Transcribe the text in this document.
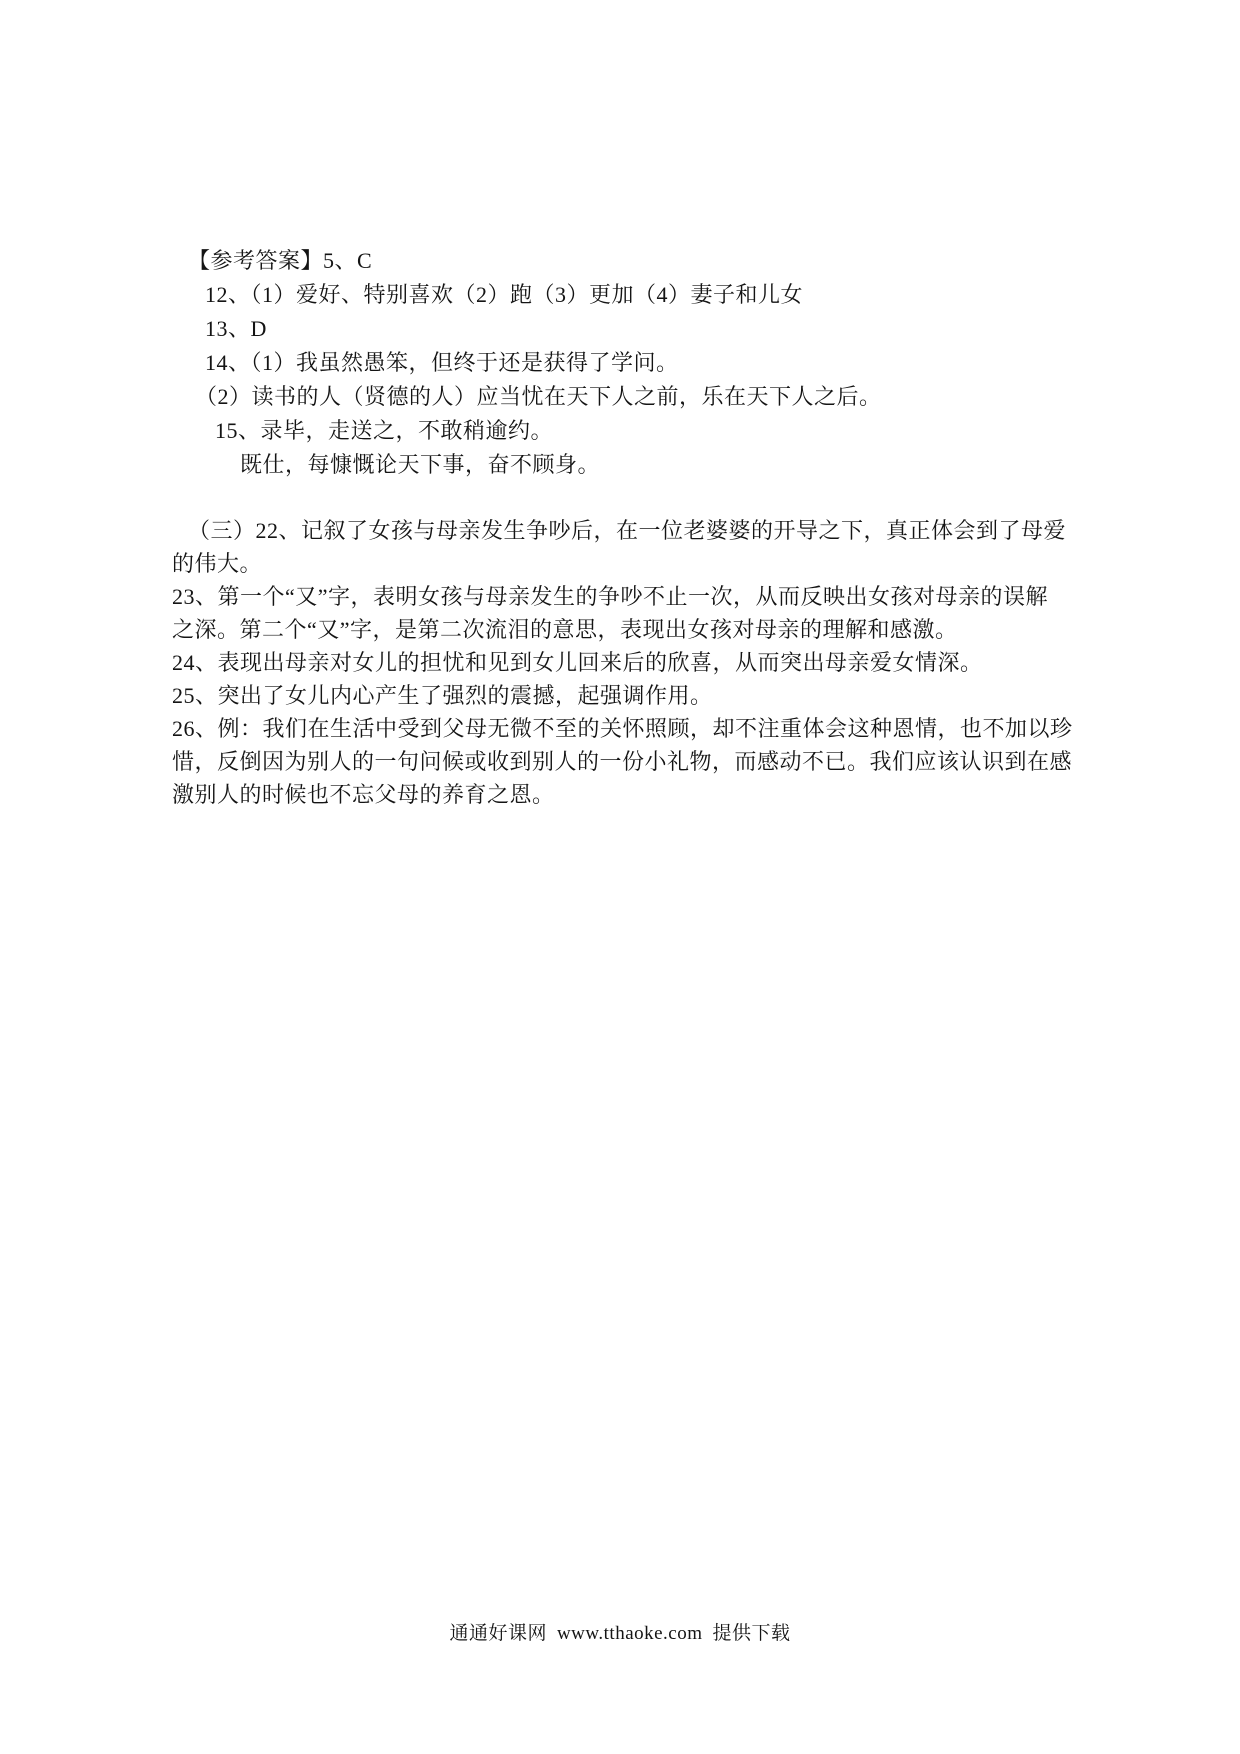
【参考答案】5、C

12、（1）爱好、特别喜欢（2）跑（3）更加（4）妻子和儿女

13、D

14、（1）我虽然愚笨，但终于还是获得了学问。

（2）读书的人（贤德的人）应当忧在天下人之前，乐在天下人之后。

15、录毕，走送之，不敢稍逾约。

既仕，每慷慨论天下事，奋不顾身。

（三）22、记叙了女孩与母亲发生争吵后，在一位老婆婆的开导之下，真正体会到了母爱

的伟大。

23、第一个“又”字，表明女孩与母亲发生的争吵不止一次，从而反映出女孩对母亲的误解

之深。第二个“又”字，是第二次流泪的意思，表现出女孩对母亲的理解和感激。

24、表现出母亲对女儿的担忧和见到女儿回来后的欣喜，从而突出母亲爱女情深。

25、突出了女儿内心产生了强烈的震撼，起强调作用。

26、例：我们在生活中受到父母无微不至的关怀照顾，却不注重体会这种恩情，也不加以珍

惜，反倒因为别人的一句问候或收到别人的一份小礼物，而感动不已。我们应该认识到在感

激别人的时候也不忘父母的养育之恩。

通通好课网 www.tthaoke.com 提供下载
